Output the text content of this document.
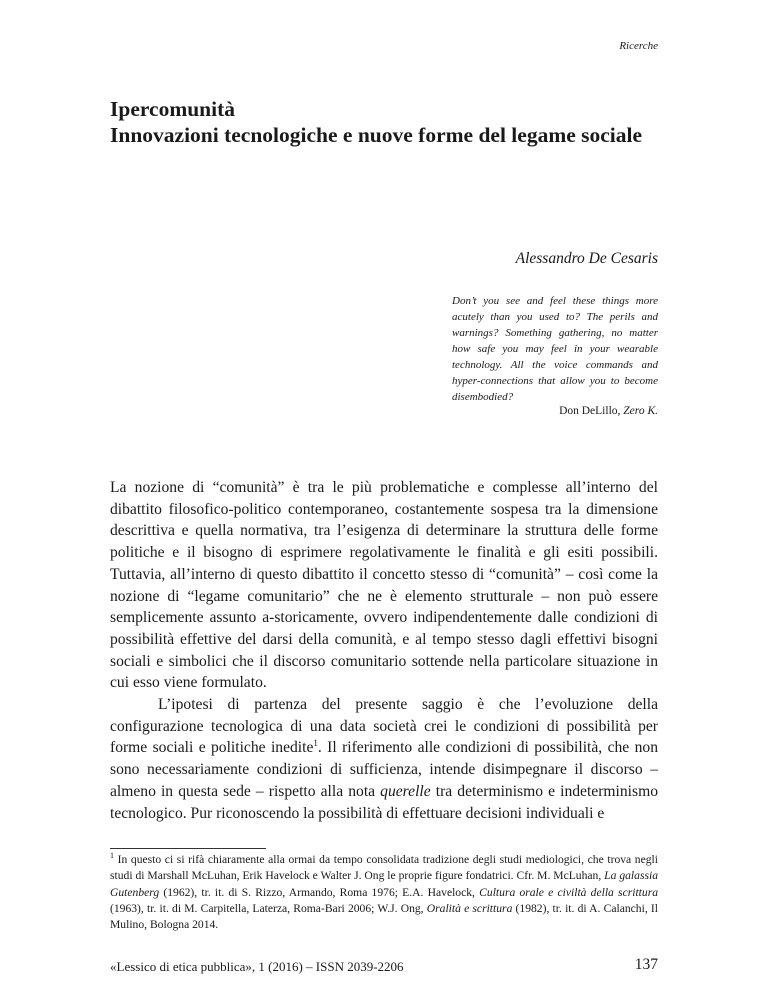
Ricerche
Ipercomunità
Innovazioni tecnologiche e nuove forme del legame sociale
Alessandro De Cesaris

Don’t you see and feel these things more acutely than you used to? The perils and warnings? Something gathering, no matter how safe you may feel in your wearable technology. All the voice commands and hyper-connections that allow you to become disembodied?

Don DeLillo, Zero K.

La nozione di “comunità” è tra le più problematiche e complesse all’interno del dibattito filosofico-politico contemporaneo, costantemente sospesa tra la dimensione descrittiva e quella normativa, tra l’esigenza di determinare la struttura delle forme politiche e il bisogno di esprimere regolativamente le finalità e gli esiti possibili. Tuttavia, all’interno di questo dibattito il concetto stesso di “comunità” – così come la nozione di “legame comunitario” che ne è elemento strutturale – non può essere semplicemente assunto a-storicamente, ovvero indipendentemente dalle condizioni di possibilità effettive del darsi della comunità, e al tempo stesso dagli effettivi bisogni sociali e simbolici che il discorso comunitario sottende nella particolare situazione in cui esso viene formulato.

L’ipotesi di partenza del presente saggio è che l’evoluzione della configurazione tecnologica di una data società crei le condizioni di possibilità per forme sociali e politiche inedite$^1$. Il riferimento alle condizioni di possibilità, che non sono necessariamente condizioni di sufficienza, intende disimpegnare il discorso – almeno in questa sede – rispetto alla nota querelle tra determinismo e indeterminismo tecnologico. Pur riconoscendo la possibilità di effettuare decisioni individuali e

$^1$ In questo ci si rifà chiaramente alla ormai da tempo consolidata tradizione degli studi mediologici, che trova negli studi di Marshall McLuhan, Erik Havelock e Walter J. Ong le proprie figure fondatrici. Cfr. M. McLuhan, La galassia Gutenberg (1962), tr. it. di S. Rizzo, Armando, Roma 1976; E.A. Havelock, Cultura orale e civiltà della scrittura (1963), tr. it. di M. Carpitella, Laterza, Roma-Bari 2006; W.J. Ong, Oralità e scrittura (1982), tr. it. di A. Calanchi, Il Mulino, Bologna 2014.

«Lessico di etica pubblica», 1 (2016) – ISSN 2039-2206	137
